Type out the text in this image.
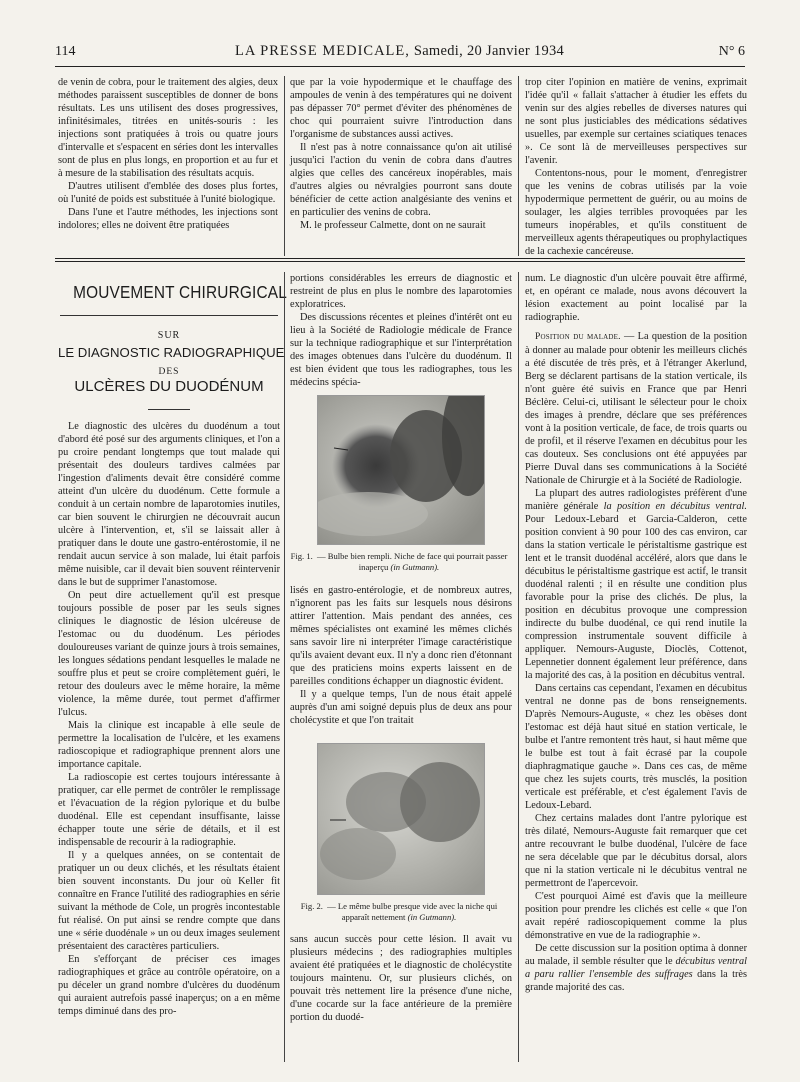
114	LA PRESSE MEDICALE, Samedi, 20 Janvier 1934	N° 6

de venin de cobra, pour le traitement des algies, deux méthodes paraissent susceptibles de donner de bons résultats. Les uns utilisent des doses progressives, infinitésimales, titrées en unités-souris : les injections sont pratiquées à trois ou quatre jours d'intervalle et s'espacent en séries dont les intervalles sont de plus en plus longs, en proportion et au fur et à mesure de la stabilisation des résultats acquis.

D'autres utilisent d'emblée des doses plus fortes, où l'unité de poids est substituée à l'unité biologique.

Dans l'une et l'autre méthodes, les injections sont indolores; elles ne doivent être pratiquées

que par la voie hypodermique et le chauffage des ampoules de venin à des températures qui ne doivent pas dépasser 70° permet d'éviter des phénomènes de choc qui pourraient suivre l'introduction dans l'organisme de substances aussi actives.

Il n'est pas à notre connaissance qu'on ait utilisé jusqu'ici l'action du venin de cobra dans d'autres algies que celles des cancéreux inopérables, mais d'autres algies ou névralgies pourront sans doute bénéficier de cette action analgésiante des venins et en particulier des venins de cobra.

M. le professeur Calmette, dont on ne saurait

trop citer l'opinion en matière de venins, exprimait l'idée qu'il « fallait s'attacher à étudier les effets du venin sur des algies rebelles de diverses natures qui ne sont plus justiciables des médications sédatives usuelles, par exemple sur certaines sciatiques tenaces ». Ce sont là de merveilleuses perspectives sur l'avenir.

Contentons-nous, pour le moment, d'enregistrer que les venins de cobras utilisés par la voie hypodermique permettent de guérir, ou au moins de soulager, les algies terribles provoquées par les tumeurs inopérables, et qu'ils constituent de merveilleux agents thérapeutiques ou prophylactiques de la cachexie cancéreuse.

MOUVEMENT CHIRURGICAL
SUR
LE DIAGNOSTIC RADIOGRAPHIQUE
DES
ULCÈRES DU DUODÉNUM

Le diagnostic des ulcères du duodénum a tout d'abord été posé sur des arguments cliniques, et l'on a pu croire pendant longtemps que tout malade qui présentait des douleurs tardives calmées par l'ingestion d'aliments devait être considéré comme atteint d'un ulcère du duodénum. Cette formule a conduit à un certain nombre de laparotomies inutiles, car bien souvent le chirurgien ne découvrait aucun ulcère à l'intervention, et, s'il se laissait aller à pratiquer dans le doute une gastro-entérostomie, il ne rendait aucun service à son malade, lui était parfois même nuisible, car il devait bien souvent réintervenir dans le but de supprimer l'anastomose.

On peut dire actuellement qu'il est presque toujours possible de poser par les seuls signes cliniques le diagnostic de lésion ulcéreuse de l'estomac ou du duodénum. Les périodes douloureuses variant de quinze jours à trois semaines, les longues sédations pendant lesquelles le malade ne souffre plus et peut se croire complètement guéri, le retour des douleurs avec le même horaire, la même violence, la même durée, tout permet d'affirmer l'ulcus.

Mais la clinique est incapable à elle seule de permettre la localisation de l'ulcère, et les examens radioscopique et radiographique prennent alors une importance capitale.

La radioscopie est certes toujours intéressante à pratiquer, car elle permet de contrôler le remplissage et l'évacuation de la région pylorique et du bulbe duodénal. Elle est cependant insuffisante, laisse échapper toute une série de détails, et il est indispensable de recourir à la radiographie.

Il y a quelques années, on se contentait de pratiquer un ou deux clichés, et les résultats étaient bien souvent inconstants. Du jour où Keller fit connaître en France l'utilité des radiographies en série suivant la méthode de Cole, un progrès incontestable fut réalisé. On put ainsi se rendre compte que dans une « série duodénale » un ou deux images seulement présentaient des caractères particuliers.

En s'efforçant de préciser ces images radiographiques et grâce au contrôle opératoire, on a pu déceler un grand nombre d'ulcères du duodénum qui auraient autrefois passé inaperçus; on a en même temps diminué dans des pro-

portions considérables les erreurs de diagnostic et restreint de plus en plus le nombre des laparotomies exploratrices.

Des discussions récentes et pleines d'intérêt ont eu lieu à la Société de Radiologie médicale de France sur la technique radiographique et sur l'interprétation des images obtenues dans l'ulcère du duodénum. Il est bien évident que tous les radiographes, tous les médecins spécia-

Fig. 1. — Bulbe bien rempli. Niche de face qui pourrait passer inaperçu (in Gutmann).

lisés en gastro-entérologie, et de nombreux autres, n'ignorent pas les faits sur lesquels nous désirons attirer l'attention. Mais pendant des années, ces mêmes spécialistes ont examiné les mêmes clichés sans savoir lire ni interpréter l'image caractéristique qu'ils avaient devant eux. Il n'y a donc rien d'étonnant que des praticiens moins experts laissent en de pareilles conditions échapper un diagnostic évident.

Il y a quelque temps, l'un de nous était appelé auprès d'un ami soigné depuis plus de deux ans pour cholécystite et que l'on traitait

Fig. 2. — Le même bulbe presque vide avec la niche qui apparaît nettement (in Gutmann).

sans aucun succès pour cette lésion. Il avait vu plusieurs médecins ; des radiographies multiples avaient été pratiquées et le diagnostic de cholécystite toujours maintenu. Or, sur plusieurs clichés, on pouvait très nettement lire la présence d'une niche, d'une cocarde sur la face antérieure de la première portion du duodé-

num. Le diagnostic d'un ulcère pouvait être affirmé, et, en opérant ce malade, nous avons découvert la lésion exactement au point localisé par la radiographie.

Position du malade. — La question de la position à donner au malade pour obtenir les meilleurs clichés a été discutée de très près, et à l'étranger Akerlund, Berg se déclarent partisans de la station verticale, ils n'ont guère été suivis en France que par Henri Béclère. Celui-ci, utilisant le sélecteur pour le choix des images à prendre, déclare que ses préférences vont à la position verticale, de face, de trois quarts ou de profil, et il réserve l'examen en décubitus pour les cas douteux. Ses conclusions ont été appuyées par Pierre Duval dans ses communications à la Société Nationale de Chirurgie et à la Société de Radiologie.

La plupart des autres radiologistes préfèrent d'une manière générale la position en décubitus ventral. Pour Ledoux-Lebard et Garcia-Calderon, cette position convient à 90 pour 100 des cas environ, car dans la station verticale le péristaltisme gastrique est lent et le transit duodénal accéléré, alors que dans le décubitus le péristaltisme gastrique est actif, le transit duodénal ralenti ; il en résulte une condition plus favorable pour la prise des clichés. De plus, la position en décubitus provoque une compression indirecte du bulbe duodénal, ce qui rend inutile la compression instrumentale souvent difficile à appliquer. Nemours-Auguste, Dioclès, Cottenot, Lepennetier donnent également leur préférence, dans la majorité des cas, à la position en décubitus ventral.

Dans certains cas cependant, l'examen en décubitus ventral ne donne pas de bons renseignements. D'après Nemours-Auguste, « chez les obèses dont l'estomac est déjà haut situé en station verticale, le bulbe et l'antre remontent très haut, si haut même que le bulbe est tout à fait écrasé par la coupole diaphragmatique gauche ». Dans ces cas, de même que chez les sujets courts, très musclés, la position verticale est préférable, et c'est également l'avis de Ledoux-Lebard.

Chez certains malades dont l'antre pylorique est très dilaté, Nemours-Auguste fait remarquer que cet antre recouvrant le bulbe duodénal, l'ulcère de face ne sera décelable que par le décubitus dorsal, alors que ni la station verticale ni le décubitus ventral ne permettront de l'apercevoir.

C'est pourquoi Aimé est d'avis que la meilleure position pour prendre les clichés est celle « que l'on avait repéré radioscopiquement comme la plus démonstrative en vue de la radiographie ».

De cette discussion sur la position optima à donner au malade, il semble résulter que le décubitus ventral a paru rallier l'ensemble des suffrages dans la très grande majorité des cas.
